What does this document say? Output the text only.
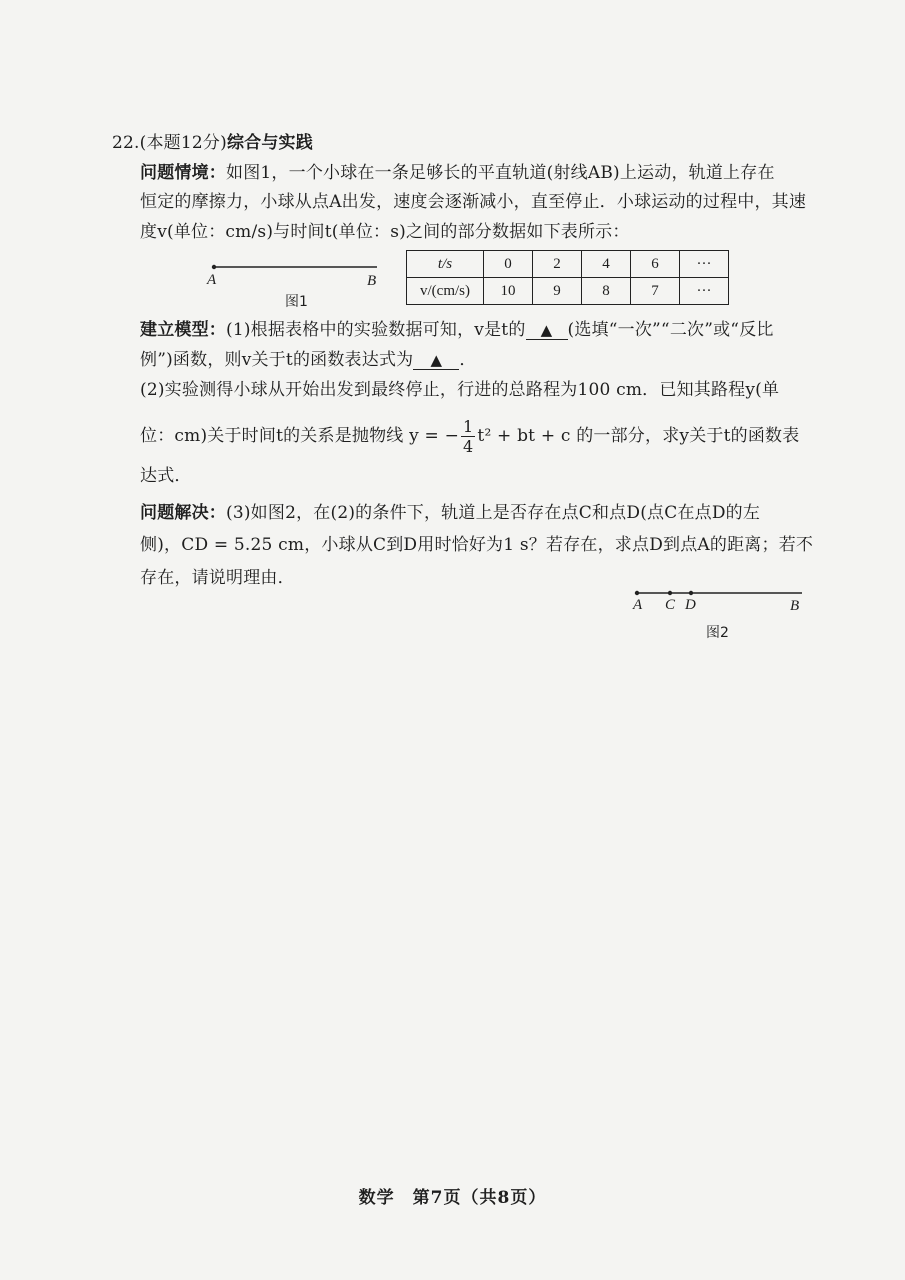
22.(本题12分)综合与实践
问题情境：如图1，一个小球在一条足够长的平直轨道(射线AB)上运动，轨道上存在
恒定的摩擦力，小球从点A出发，速度会逐渐减小，直至停止．小球运动的过程中，其速
度v(单位：cm/s)与时间t(单位：s)之间的部分数据如下表所示：
A	B
图1
t/s	0	2	4	6	···
v/(cm/s)	10	9	8	7	···
建立模型：(1)根据表格中的实验数据可知，v是t的 ▲ (选填“一次”“二次”或“反比
例”)函数，则v关于t的函数表达式为 ▲ ．
(2)实验测得小球从开始出发到最终停止，行进的总路程为100 cm．已知其路程y(单
位：cm)关于时间t的关系是抛物线 y = − $\frac{1}{4} t^2$ + bt + c 的一部分，求y关于t的函数表
达式．
问题解决：(3)如图2，在(2)的条件下，轨道上是否存在点C和点D(点C在点D的左
侧)，CD = 5.25 cm，小球从C到D用时恰好为1 s？若存在，求点D到点A的距离；若不
存在，请说明理由．
A C D	B
图2
数学　第7页（共8页）
